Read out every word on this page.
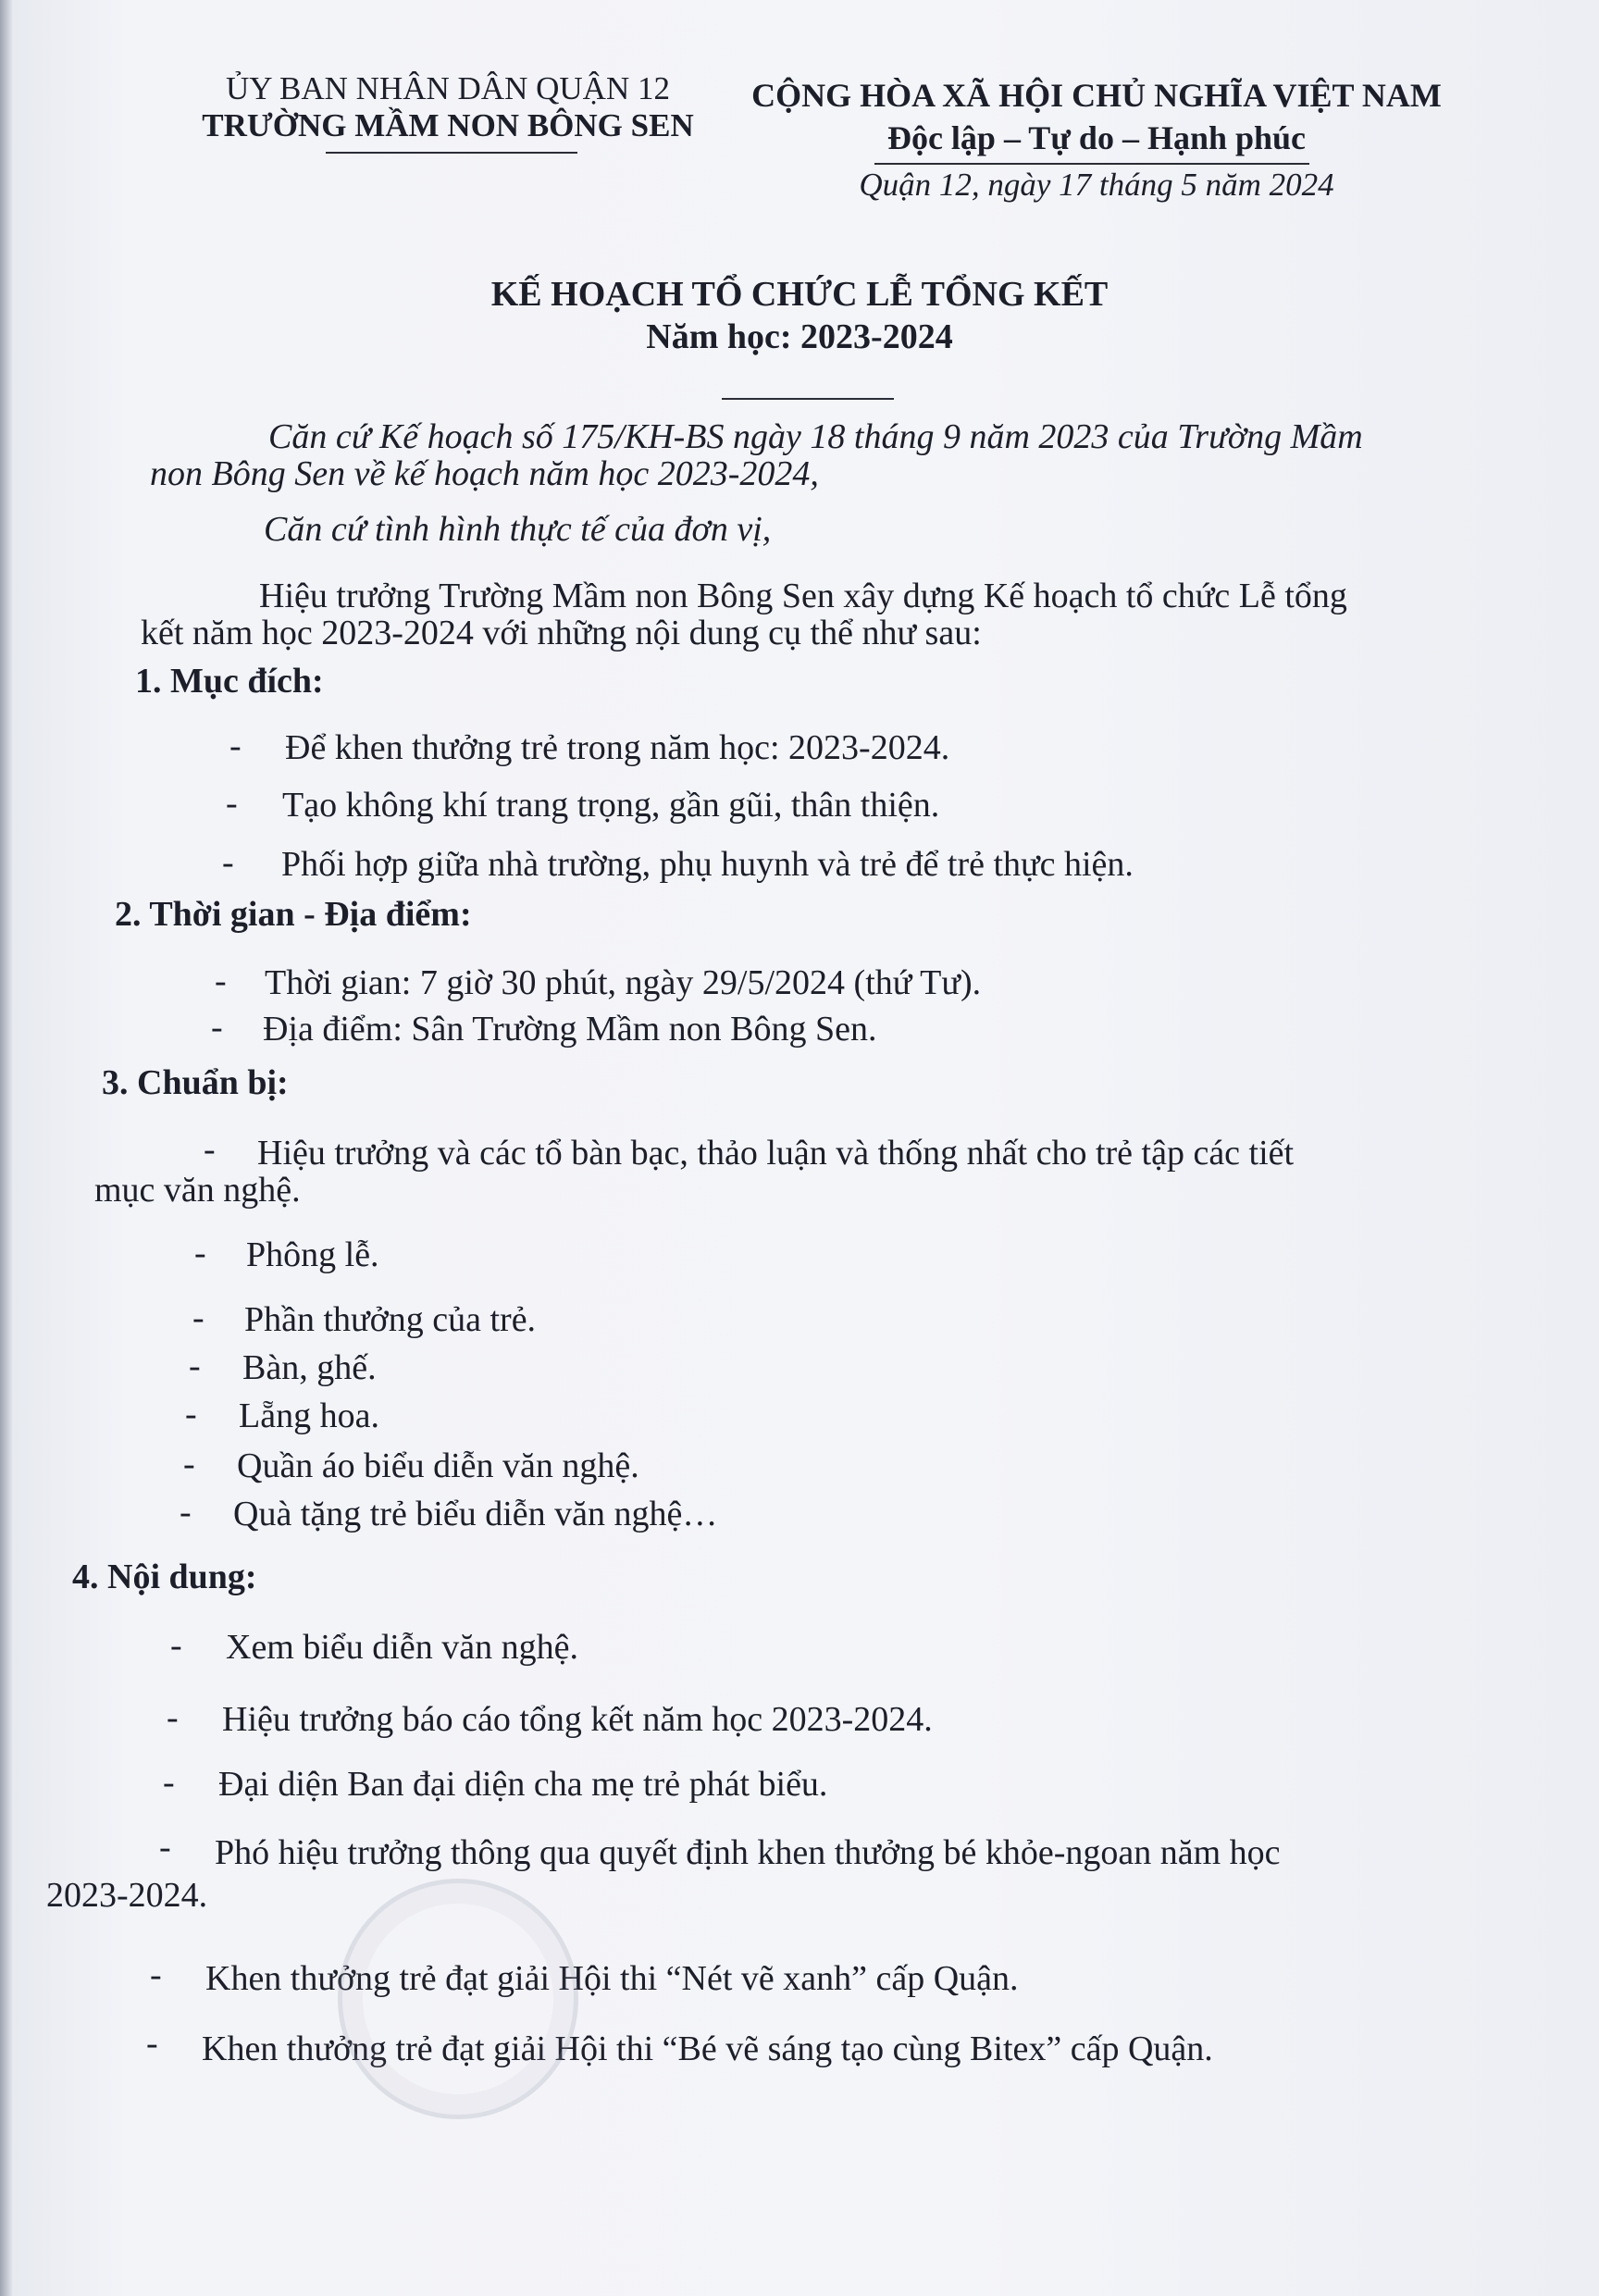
ỦY BAN NHÂN DÂN QUẬN 12
TRƯỜNG MẦM NON BÔNG SEN
CỘNG HÒA XÃ HỘI CHỦ NGHĨA VIỆT NAM
Độc lập – Tự do – Hạnh phúc
Quận 12, ngày 17 tháng 5 năm 2024
KẾ HOẠCH TỔ CHỨC LỄ TỔNG KẾT
Năm học: 2023-2024
Căn cứ Kế hoạch số 175/KH-BS ngày 18 tháng 9 năm 2023 của Trường Mầm
non Bông Sen về kế hoạch năm học 2023-2024,
Căn cứ tình hình thực tế của đơn vị,
Hiệu trưởng Trường Mầm non Bông Sen xây dựng Kế hoạch tổ chức Lễ tổng
kết năm học 2023-2024 với những nội dung cụ thể như sau:
1. Mục đích:
- Để khen thưởng trẻ trong năm học: 2023-2024.
- Tạo không khí trang trọng, gần gũi, thân thiện.
- Phối hợp giữa nhà trường, phụ huynh và trẻ để trẻ thực hiện.
2. Thời gian - Địa điểm:
- Thời gian: 7 giờ 30 phút, ngày 29/5/2024 (thứ Tư).
- Địa điểm: Sân Trường Mầm non Bông Sen.
3. Chuẩn bị:
- Hiệu trưởng và các tổ bàn bạc, thảo luận và thống nhất cho trẻ tập các tiết
mục văn nghệ.
- Phông lễ.
- Phần thưởng của trẻ.
- Bàn, ghế.
- Lẵng hoa.
- Quần áo biểu diễn văn nghệ.
- Quà tặng trẻ biểu diễn văn nghệ…
4. Nội dung:
- Xem biểu diễn văn nghệ.
- Hiệu trưởng báo cáo tổng kết năm học 2023-2024.
- Đại diện Ban đại diện cha mẹ trẻ phát biểu.
- Phó hiệu trưởng thông qua quyết định khen thưởng bé khỏe-ngoan năm học
2023-2024.
- Khen thưởng trẻ đạt giải Hội thi “Nét vẽ xanh” cấp Quận.
- Khen thưởng trẻ đạt giải Hội thi “Bé vẽ sáng tạo cùng Bitex” cấp Quận.
